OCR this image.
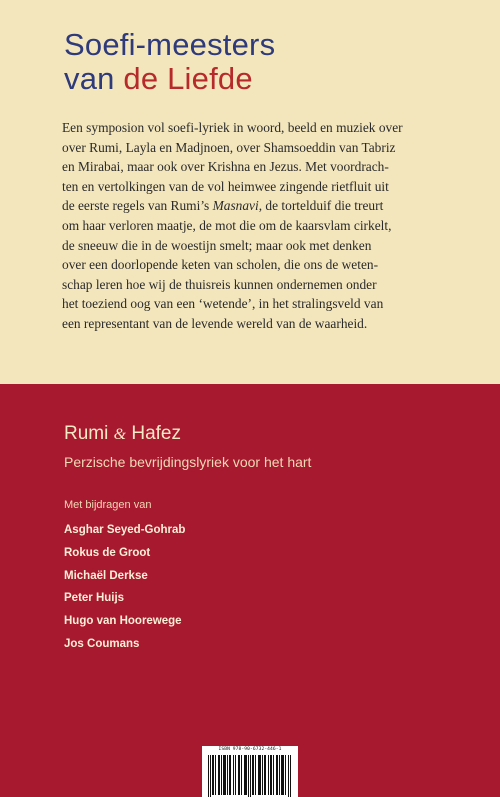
Soefi-meesters
van de Liefde

Een symposion vol soefi-lyriek in woord, beeld en muziek over
over Rumi, Layla en Madjnoen, over Shamsoeddin van Tabriz
en Mirabai, maar ook over Krishna en Jezus. Met voordrach-
ten en vertolkingen van de vol heimwee zingende rietfluit uit
de eerste regels van Rumi’s Masnavi, de tortelduif die treurt
om haar verloren maatje, de mot die om de kaarsvlam cirkelt,
de sneeuw die in de woestijn smelt; maar ook met denken
over een doorlopende keten van scholen, die ons de weten-
schap leren hoe wij de thuisreis kunnen ondernemen onder
het toeziend oog van een ‘wetende’, in het stralingsveld van
een representant van de levende wereld van de waarheid.

Rumi & Hafez
Perzische bevrijdingslyriek voor het hart
Met bijdragen van
Asghar Seyed-Gohrab
Rokus de Groot
Michaël Derkse
Peter Huijs
Hugo van Hoorewege
Jos Coumans
ISBN 978-90-6732-446-1
